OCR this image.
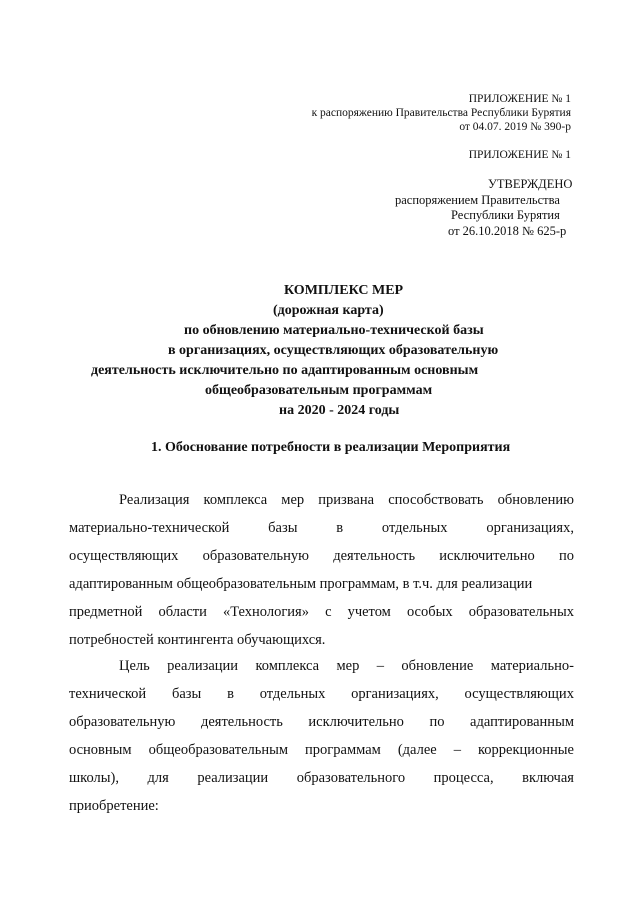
ПРИЛОЖЕНИЕ № 1
к распоряжению Правительства Республики Бурятия
от 04.07. 2019 № 390-р
ПРИЛОЖЕНИЕ № 1
УТВЕРЖДЕНО
распоряжением Правительства
Республики Бурятия
от 26.10.2018 № 625-р
КОМПЛЕКС МЕР
(дорожная карта)
по обновлению материально-технической базы
в организациях, осуществляющих образовательную
деятельность исключительно по адаптированным основным
общеобразовательным программам
на 2020 - 2024 годы
1. Обоснование потребности в реализации Мероприятия
Реализация комплекса мер призвана способствовать обновлению
материально-технической	базы	в	отдельных	организациях,
осуществляющих образовательную деятельность исключительно по
адаптированным общеобразовательным программам, в т.ч. для реализации
предметной области «Технология» с учетом особых образовательных
потребностей контингента обучающихся.
Цель реализации комплекса мер – обновление материально-
технической базы в отдельных организациях, осуществляющих
образовательную деятельность исключительно по адаптированным
основным общеобразовательным программам (далее – коррекционные
школы), для реализации образовательного процесса, включая
приобретение:
